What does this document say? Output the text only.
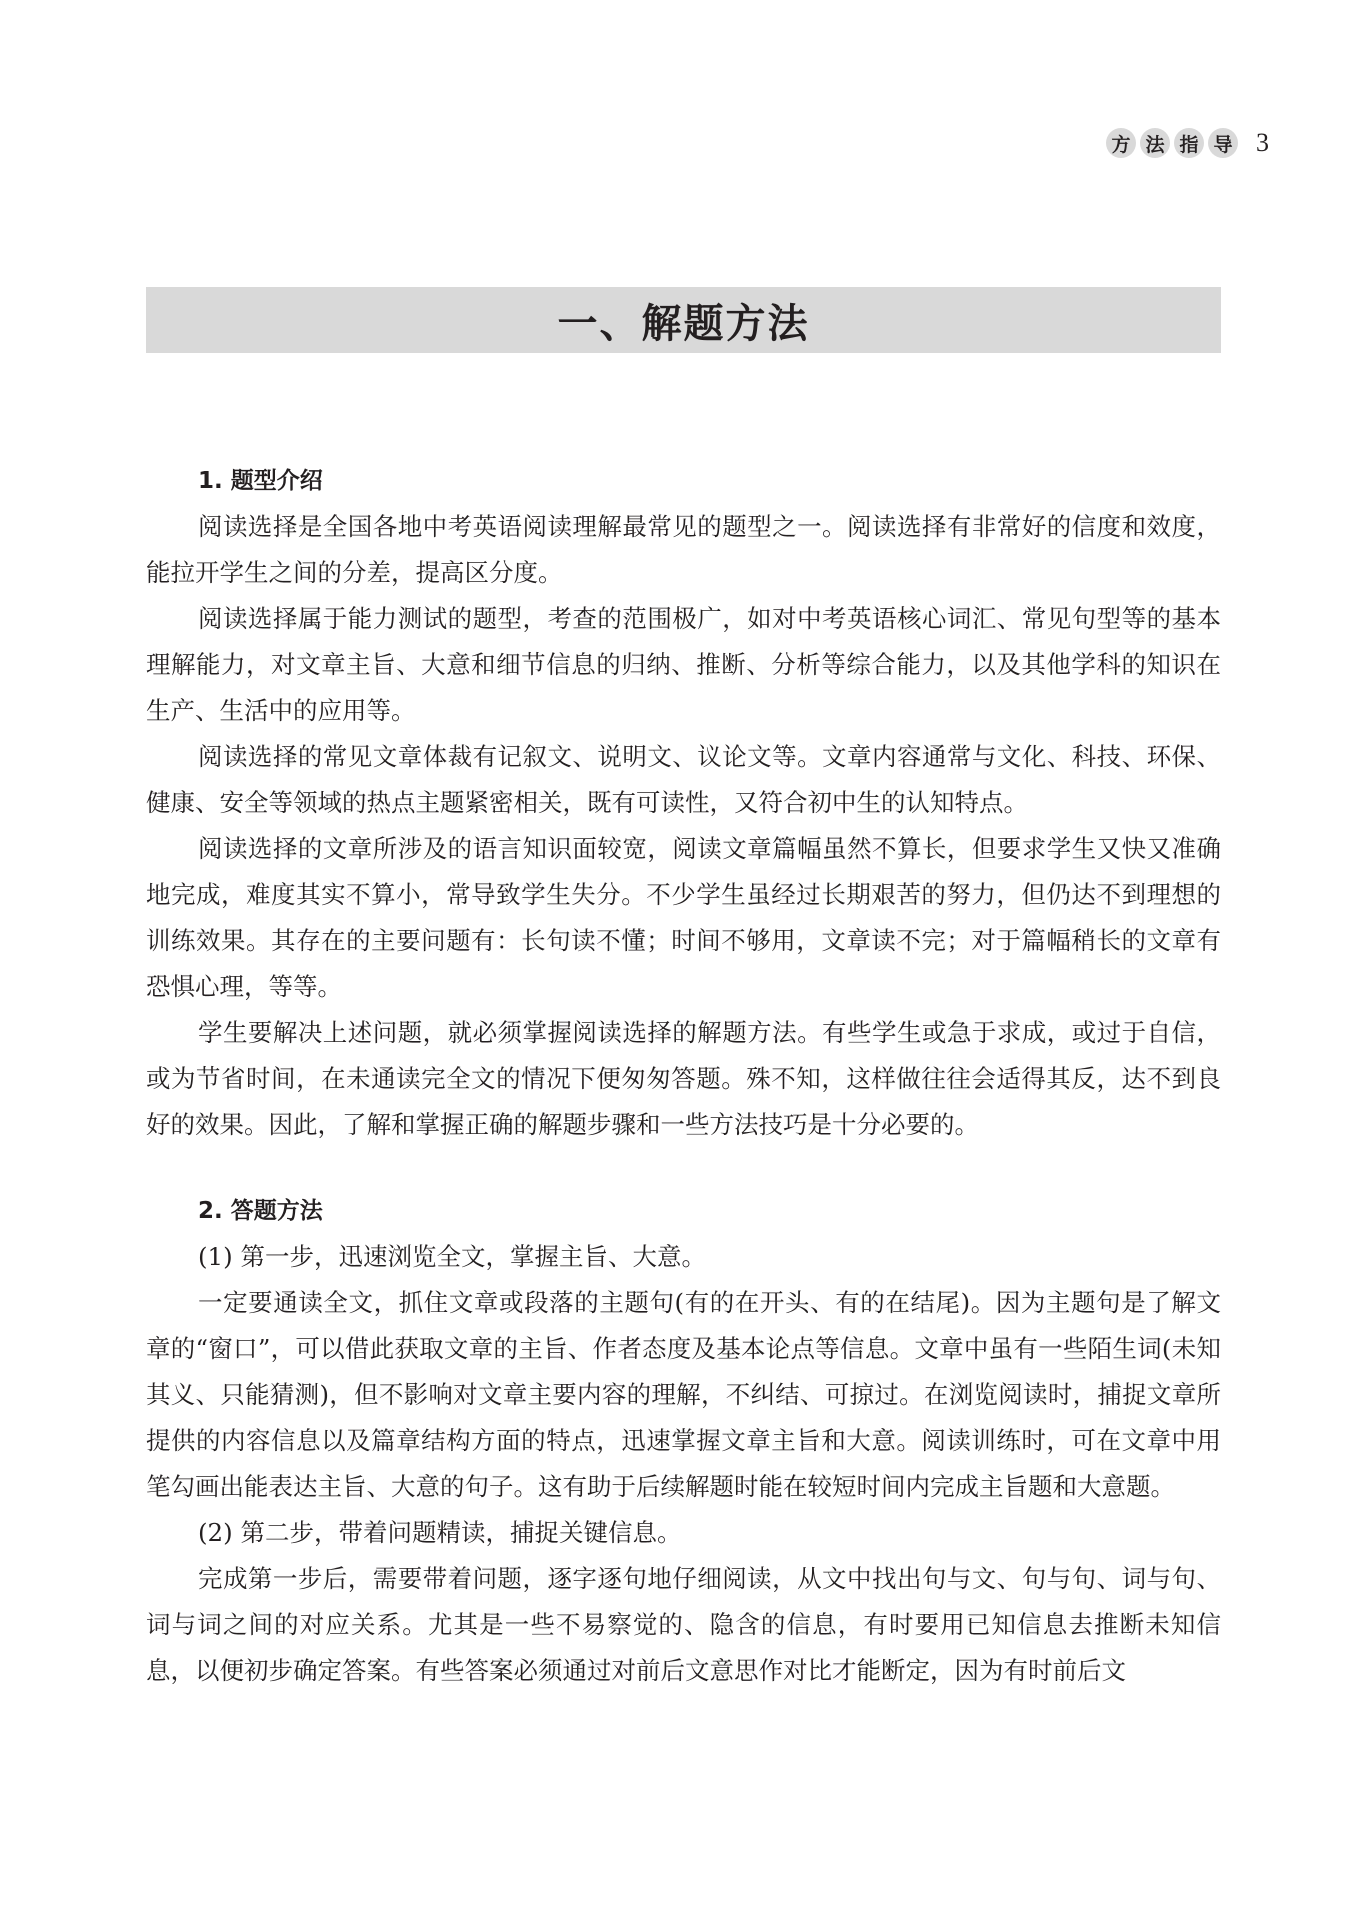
方 法 指 导 3
一、解题方法
1. 题型介绍

阅读选择是全国各地中考英语阅读理解最常见的题型之一。阅读选择有非常好的信度和效度，能拉开学生之间的分差，提高区分度。

阅读选择属于能力测试的题型，考查的范围极广，如对中考英语核心词汇、常见句型等的基本理解能力，对文章主旨、大意和细节信息的归纳、推断、分析等综合能力，以及其他学科的知识在生产、生活中的应用等。

阅读选择的常见文章体裁有记叙文、说明文、议论文等。文章内容通常与文化、科技、环保、健康、安全等领域的热点主题紧密相关，既有可读性，又符合初中生的认知特点。

阅读选择的文章所涉及的语言知识面较宽，阅读文章篇幅虽然不算长，但要求学生又快又准确地完成，难度其实不算小，常导致学生失分。不少学生虽经过长期艰苦的努力，但仍达不到理想的训练效果。其存在的主要问题有：长句读不懂；时间不够用，文章读不完；对于篇幅稍长的文章有恐惧心理，等等。

学生要解决上述问题，就必须掌握阅读选择的解题方法。有些学生或急于求成，或过于自信，或为节省时间，在未通读完全文的情况下便匆匆答题。殊不知，这样做往往会适得其反，达不到良好的效果。因此，了解和掌握正确的解题步骤和一些方法技巧是十分必要的。

2. 答题方法

(1) 第一步，迅速浏览全文，掌握主旨、大意。

一定要通读全文，抓住文章或段落的主题句(有的在开头、有的在结尾)。因为主题句是了解文章的“窗口”，可以借此获取文章的主旨、作者态度及基本论点等信息。文章中虽有一些陌生词(未知其义、只能猜测)，但不影响对文章主要内容的理解，不纠结、可掠过。在浏览阅读时，捕捉文章所提供的内容信息以及篇章结构方面的特点，迅速掌握文章主旨和大意。阅读训练时，可在文章中用笔勾画出能表达主旨、大意的句子。这有助于后续解题时能在较短时间内完成主旨题和大意题。

(2) 第二步，带着问题精读，捕捉关键信息。

完成第一步后，需要带着问题，逐字逐句地仔细阅读，从文中找出句与文、句与句、词与句、词与词之间的对应关系。尤其是一些不易察觉的、隐含的信息，有时要用已知信息去推断未知信息，以便初步确定答案。有些答案必须通过对前后文意思作对比才能断定，因为有时前后文
